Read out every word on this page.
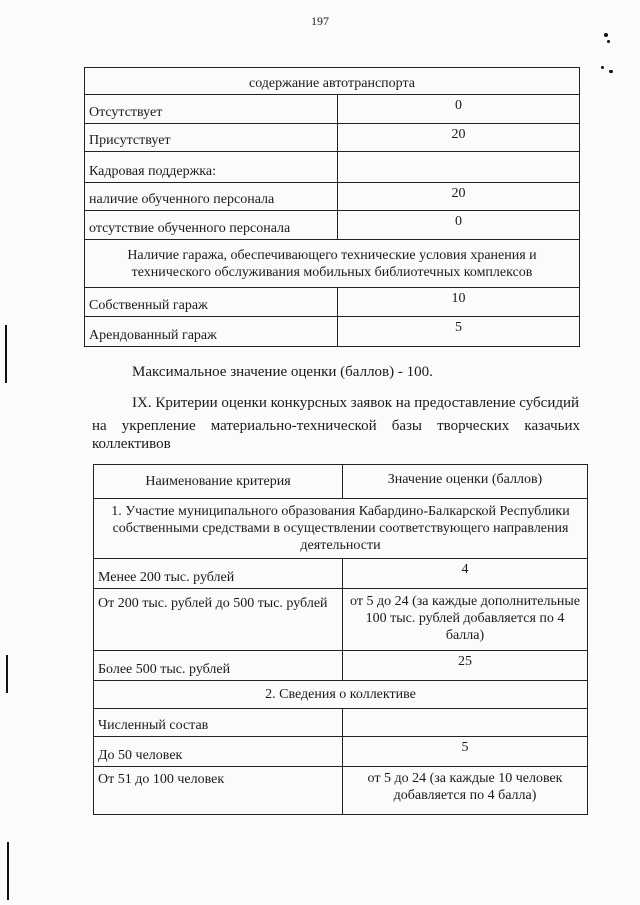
197
содержание автотранспорта	
Отсутствует	0
Присутствует	20
Кадровая поддержка:	
наличие обученного персонала	20
отсутствие обученного персонала	0
Наличие гаража, обеспечивающего технические условия хранения и технического обслуживания мобильных библиотечных комплексов	
Собственный гараж	10
Арендованный гараж	5
Максимальное значение оценки (баллов) - 100.
IX. Критерии оценки конкурсных заявок на предоставление субсидий
на укрепление материально-технической базы творческих казачьих
коллективов
Наименование критерия	Значение оценки (баллов)
1. Участие муниципального образования Кабардино-Балкарской Республики собственными средствами в осуществлении соответствующего направления деятельности	
Менее 200 тыс. рублей	4
От 200 тыс. рублей до 500 тыс. рублей	от 5 до 24 (за каждые дополнительные 100 тыс. рублей добавляется по 4 балла)
Более 500 тыс. рублей	25
2. Сведения о коллективе	
Численный состав	
До 50 человек	5
От 51 до 100 человек	от 5 до 24 (за каждые 10 человек добавляется по 4 балла)
